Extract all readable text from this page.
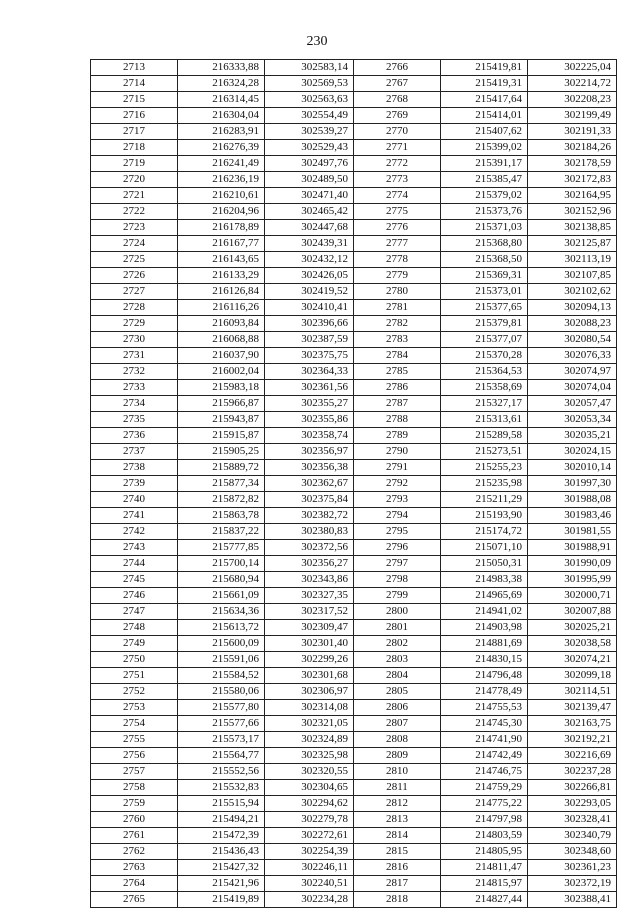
230
2713	216333,88	302583,14	2766	215419,81	302225,04
2714	216324,28	302569,53	2767	215419,31	302214,72
2715	216314,45	302563,63	2768	215417,64	302208,23
2716	216304,04	302554,49	2769	215414,01	302199,49
2717	216283,91	302539,27	2770	215407,62	302191,33
2718	216276,39	302529,43	2771	215399,02	302184,26
2719	216241,49	302497,76	2772	215391,17	302178,59
2720	216236,19	302489,50	2773	215385,47	302172,83
2721	216210,61	302471,40	2774	215379,02	302164,95
2722	216204,96	302465,42	2775	215373,76	302152,96
2723	216178,89	302447,68	2776	215371,03	302138,85
2724	216167,77	302439,31	2777	215368,80	302125,87
2725	216143,65	302432,12	2778	215368,50	302113,19
2726	216133,29	302426,05	2779	215369,31	302107,85
2727	216126,84	302419,52	2780	215373,01	302102,62
2728	216116,26	302410,41	2781	215377,65	302094,13
2729	216093,84	302396,66	2782	215379,81	302088,23
2730	216068,88	302387,59	2783	215377,07	302080,54
2731	216037,90	302375,75	2784	215370,28	302076,33
2732	216002,04	302364,33	2785	215364,53	302074,97
2733	215983,18	302361,56	2786	215358,69	302074,04
2734	215966,87	302355,27	2787	215327,17	302057,47
2735	215943,87	302355,86	2788	215313,61	302053,34
2736	215915,87	302358,74	2789	215289,58	302035,21
2737	215905,25	302356,97	2790	215273,51	302024,15
2738	215889,72	302356,38	2791	215255,23	302010,14
2739	215877,34	302362,67	2792	215235,98	301997,30
2740	215872,82	302375,84	2793	215211,29	301988,08
2741	215863,78	302382,72	2794	215193,90	301983,46
2742	215837,22	302380,83	2795	215174,72	301981,55
2743	215777,85	302372,56	2796	215071,10	301988,91
2744	215700,14	302356,27	2797	215050,31	301990,09
2745	215680,94	302343,86	2798	214983,38	301995,99
2746	215661,09	302327,35	2799	214965,69	302000,71
2747	215634,36	302317,52	2800	214941,02	302007,88
2748	215613,72	302309,47	2801	214903,98	302025,21
2749	215600,09	302301,40	2802	214881,69	302038,58
2750	215591,06	302299,26	2803	214830,15	302074,21
2751	215584,52	302301,68	2804	214796,48	302099,18
2752	215580,06	302306,97	2805	214778,49	302114,51
2753	215577,80	302314,08	2806	214755,53	302139,47
2754	215577,66	302321,05	2807	214745,30	302163,75
2755	215573,17	302324,89	2808	214741,90	302192,21
2756	215564,77	302325,98	2809	214742,49	302216,69
2757	215552,56	302320,55	2810	214746,75	302237,28
2758	215532,83	302304,65	2811	214759,29	302266,81
2759	215515,94	302294,62	2812	214775,22	302293,05
2760	215494,21	302279,78	2813	214797,98	302328,41
2761	215472,39	302272,61	2814	214803,59	302340,79
2762	215436,43	302254,39	2815	214805,95	302348,60
2763	215427,32	302246,11	2816	214811,47	302361,23
2764	215421,96	302240,51	2817	214815,97	302372,19
2765	215419,89	302234,28	2818	214827,44	302388,41
